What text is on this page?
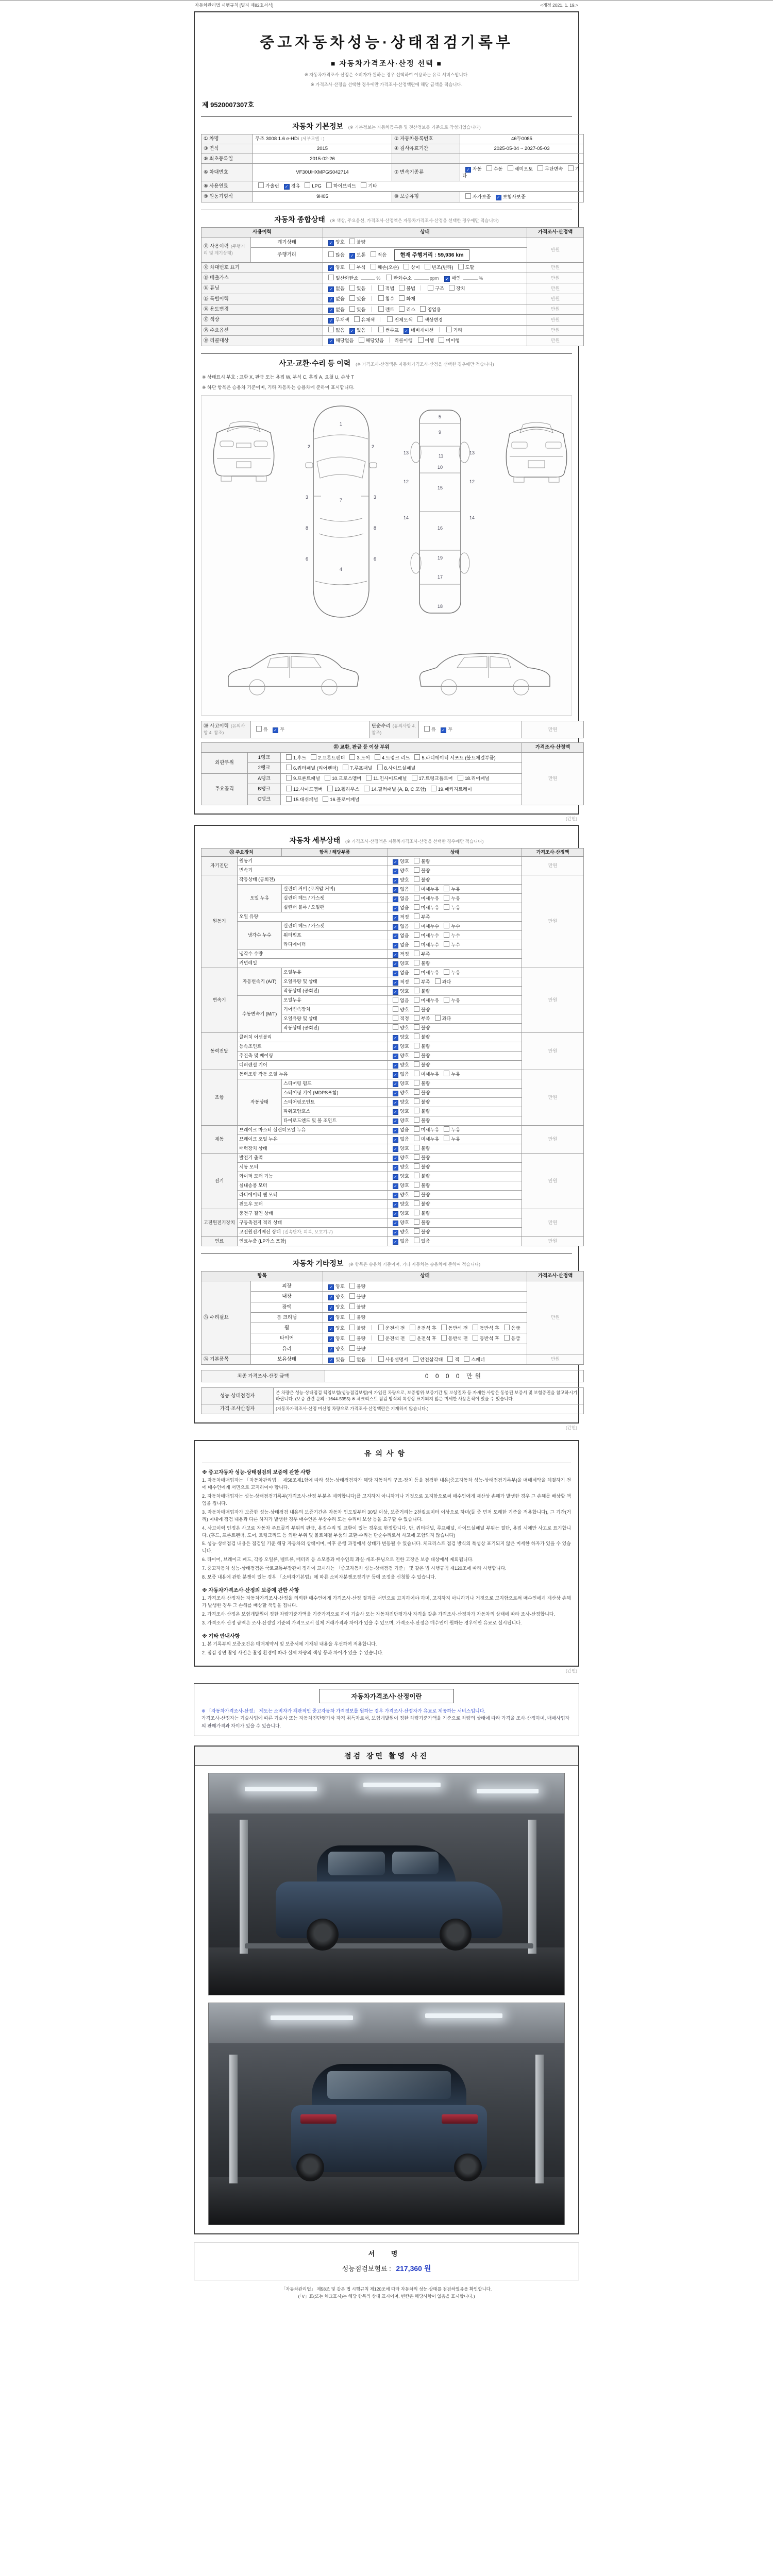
자동차관리법 시행규칙 [별지 제82호서식]	<개정 2021. 1. 19.>
중고자동차성능·상태점검기록부
■ 자동차가격조사·산정 선택 ■
※ 자동차가격조사·산정은 소비자가 원하는 경우 선택하여 이용하는 유료 서비스입니다.
※ 가격조사·산정을 선택한 경우에만 가격조사·산정액란에 해당 금액을 적습니다.
제 9520007307호
자동차 기본정보 (※ 기본정보는 자동차등록증 및 전산정보를 기준으로 작성되었습니다)
① 차명	푸조 3008 1.6 e-HDi (세부모델 : )	② 자동차등록번호	46두0085
③ 연식	2015	④ 검사유효기간	2025-05-04 ~ 2027-05-03
⑤ 최초등록일	2015-02-26		
⑥ 차대번호	VF30UHXMPGS042714	⑦ 변속기종류	✓ 자동 수동 세미오토 무단변속 기타
⑧ 사용연료	가솔린 ✓ 경유 LPG 하이브리드 기타		
⑨ 원동기형식	9H05	⑩ 보증유형	자가보증 ✓ 보험사보증
자동차 종합상태 (※ 색상, 주요옵션, 가격조사·산정액은 자동차가격조사·산정을 선택한 경우에만 적습니다)
사용이력		상태	가격조사·산정액
⑪ 사용이력 (주행거리 및 계기상태)	계기상태	✓ 양호 불량	만원
	주행거리	많음 ✓ 보통 적음 현재 주행거리 : 59,936 km	
⑫ 차대번호 표기		✓ 양호 부식 훼손(오손) 상이 변조(변타) 도말	만원
⑬ 배출가스		일산화탄소 % 탄화수소 ppm ✓ 매연 %	만원
⑭ 튜닝		✓ 없음 있음 적법 불법 구조 장치	만원
⑮ 특별이력		✓ 없음 있음 침수 화재	만원
⑯ 용도변경		✓ 없음 있음 렌트 리스 영업용	만원
⑰ 색상		✓ 무채색 유채색 전체도색 색상변경	만원
⑱ 주요옵션		없음 ✓ 있음 썬루프 ✓ 네비게이션 기타	만원
⑲ 리콜대상		✓ 해당없음 해당있음 리콜이행 이행 미이행	만원
사고·교환·수리 등 이력 (※ 가격조사·산정액은 자동차가격조사·산정을 선택한 경우에만 적습니다)
※ 상태표시 부호 : 교환 X, 판금 또는 용접 W, 부식 C, 흠집 A, 요철 U, 손상 T
※ 하단 항목은 승용차 기준이며, 기타 자동차는 승용차에 준하여 표시합니다.
1
2	2
3	3
7
8	8
6	6
4
5
9
11
10
12	12
13	13
14	14
15
16
19
17
18
⑳ 사고이력 (유의사항 4. 참조)	유 ✓ 무	단순수리 (유의사항 4. 참조)	유 ✓ 무	만원
㉑ 교환, 판금 등 이상 부위			가격조사·산정액
외판부위	1랭크	1.후드 2.프론트펜더 3.도어 4.트렁크 리드 5.라디에이터 서포트 (볼트체결부품)	만원
	2랭크	6.쿼터패널 (리어펜더) 7.루프패널 8.사이드실패널	
주요골격	A랭크	9.프론트패널 10.크로스멤버 11.인사이드패널 17.트렁크플로어 18.리어패널	
	B랭크	12.사이드멤버 13.휠하우스 14.필러패널 (A, B, C 포함) 19.패키지트레이	
	C랭크	15.대쉬패널 16.플로어패널	
(간인)
자동차 세부상태 (※ 가격조사·산정액은 자동차가격조사·산정을 선택한 경우에만 적습니다)
㉒ 주요장치		항목 / 해당부품	상태	가격조사·산정액
자기진단	원동기		✓ 양호 불량	만원
	변속기		✓ 양호 불량	
원동기	작동상태 (공회전)		✓ 양호 불량	만원
	오일 누유	실린더 커버 (로커암 커버)	✓ 없음 미세누유 누유	
		실린더 헤드 / 가스켓	✓ 없음 미세누유 누유	
		실린더 블록 / 오일팬	✓ 없음 미세누유 누유	
	오일 유량		✓ 적정 부족	
	냉각수 누수	실린더 헤드 / 가스켓	✓ 없음 미세누수 누수	
		워터펌프	✓ 없음 미세누수 누수	
		라디에이터	✓ 없음 미세누수 누수	
	냉각수 수량		✓ 적정 부족	
	커먼레일		✓ 양호 불량	
변속기	자동변속기 (A/T)	오일누유	✓ 없음 미세누유 누유	만원
		오일유량 및 상태	✓ 적정 부족 과다	
		작동상태 (공회전)	✓ 양호 불량	
	수동변속기 (M/T)	오일누유	없음 미세누유 누유	
		기어변속장치	양호 불량	
		오일유량 및 상태	적정 부족 과다	
		작동상태 (공회전)	양호 불량	
동력전달	클러치 어셈블리		✓ 양호 불량	만원
	등속조인트		✓ 양호 불량	
	추진축 및 베어링		✓ 양호 불량	
	디퍼렌셜 기어		✓ 양호 불량	
조향	동력조향 작동 오일 누유		✓ 없음 미세누유 누유	만원
	작동상태	스티어링 펌프	✓ 양호 불량	
		스티어링 기어 (MDPS포함)	✓ 양호 불량	
		스티어링조인트	✓ 양호 불량	
		파워고압호스	✓ 양호 불량	
		타이로드엔드 및 볼 조인트	✓ 양호 불량	
제동	브레이크 마스터 실린더오일 누유		✓ 없음 미세누유 누유	만원
	브레이크 오일 누유		✓ 없음 미세누유 누유	
	배력장치 상태		✓ 양호 불량	
전기	발전기 출력		✓ 양호 불량	만원
	시동 모터		✓ 양호 불량	
	와이퍼 모터 기능		✓ 양호 불량	
	실내송풍 모터		✓ 양호 불량	
	라디에이터 팬 모터		✓ 양호 불량	
	윈도우 모터		✓ 양호 불량	
고전원전기장치	충전구 절연 상태		✓ 양호 불량	만원
	구동축전지 격리 상태		✓ 양호 불량	
	고전원전기배선 상태 (접속단자, 피복, 보호기구)		✓ 양호 불량	
연료	연료누출 (LP가스 포함)		✓ 없음 있음	만원
자동차 기타정보 (※ 항목은 승용차 기준이며, 기타 자동차는 승용차에 준하여 적습니다)
항목		상태	가격조사·산정액
㉓ 수리필요	외장	✓ 양호 불량	만원
	내장	✓ 양호 불량	
	광택	✓ 양호 불량	
	룸 크리닝	✓ 양호 불량	
	휠	✓ 양호 불량 운전석 전 운전석 후 동반석 전 동반석 후 응급	
	타이어	✓ 양호 불량 운전석 전 운전석 후 동반석 전 동반석 후 응급	
	유리	✓ 양호 불량	
㉔ 기본품목	보유상태	✓ 있음 없음 사용설명서 안전삼각대 잭 스패너	만원
최종 가격조사·산정 금액	0 0 0 0 만원
성능·상태점검자	본 차량은 성능·상태점검 책임보험(성능점검보험)에 가입된 차량으로, 보증범위·보증기간 및 보상절차 등 자세한 사항은 동봉된 보증서 및 보험증권을 참고하시기 바랍니다. (보증 관련 문의 : 1644-5955) ※ 체크리스트 점검 방식의 특성상 표기되지 않은 미세한 사용흔적이 있을 수 있습니다.
가격·조사산정자	(자동차가격조사·산정 미신청 차량으로 가격조사·산정액란은 기재하지 않습니다.)
(간인)
유의사항
※ 중고자동차 성능·상태점검의 보증에 관한 사항
1. 자동차매매업자는 「자동차관리법」 제58조제1항에 따라 성능·상태점검자가 해당 자동차의 구조·장치 등을 점검한 내용(중고자동차 성능·상태점검기록부)을 매매계약을 체결하기 전에 매수인에게 서면으로 고지하여야 합니다.
2. 자동차매매업자는 성능·상태점검기록부(가격조사·산정 부분은 제외합니다)를 고지하지 아니하거나 거짓으로 고지함으로써 매수인에게 재산상 손해가 발생한 경우 그 손해를 배상할 책임을 집니다.
3. 자동차매매업자가 보증한 성능·상태점검 내용의 보증기간은 자동차 인도일부터 30일 이상, 보증거리는 2천킬로미터 이상으로 하며(둘 중 먼저 도래한 기준을 적용합니다), 그 기간(거리) 이내에 점검 내용과 다른 하자가 발생한 경우 매수인은 무상수리 또는 수리비 보상 등을 요구할 수 있습니다.
4. 사고이력 인정은 사고로 자동차 주요골격 부위의 판금, 용접수리 및 교환이 있는 경우로 한정합니다. 단, 쿼터패널, 루프패널, 사이드실패널 부위는 절단, 용접 시에만 사고로 표기합니다. (후드, 프론트펜더, 도어, 트렁크리드 등 외판 부위 및 볼트체결 부품의 교환·수리는 단순수리로서 사고에 포함되지 않습니다)
5. 성능·상태점검 내용은 점검일 기준 해당 자동차의 상태이며, 이후 운행 과정에서 상태가 변동될 수 있습니다. 체크리스트 점검 방식의 특성상 표기되지 않은 미세한 하자가 있을 수 있습니다.
6. 타이어, 브레이크 패드, 각종 오일류, 벨트류, 배터리 등 소모품과 매수인의 과실·개조·튜닝으로 인한 고장은 보증 대상에서 제외됩니다.
7. 중고자동차 성능·상태점검은 국토교통부장관이 정하여 고시하는 「중고자동차 성능·상태점검 기준」 및 같은 법 시행규칙 제120조에 따라 시행합니다.
8. 보증 내용에 관한 분쟁이 있는 경우 「소비자기본법」에 따른 소비자분쟁조정기구 등에 조정을 신청할 수 있습니다.
※ 자동차가격조사·산정의 보증에 관한 사항
1. 가격조사·산정자는 자동차가격조사·산정을 의뢰한 매수인에게 가격조사·산정 결과를 서면으로 고지하여야 하며, 고지하지 아니하거나 거짓으로 고지함으로써 매수인에게 재산상 손해가 발생한 경우 그 손해를 배상할 책임을 집니다.
2. 가격조사·산정은 보험개발원이 정한 차량기준가액을 기준가격으로 하여 기술사 또는 자동차진단평가사 자격을 갖춘 가격조사·산정자가 자동차의 상태에 따라 조사·산정합니다.
3. 가격조사·산정 금액은 조사·산정일 기준의 가격으로서 실제 거래가격과 차이가 있을 수 있으며, 가격조사·산정은 매수인이 원하는 경우에만 유료로 실시됩니다.
※ 기타 안내사항
1. 본 기록부의 보증조건은 매매계약서 및 보증서에 기재된 내용을 우선하여 적용합니다.
2. 점검 장면 촬영 사진은 촬영 환경에 따라 실제 차량의 색상 등과 차이가 있을 수 있습니다.
(간인)
자동차가격조사·산정이란
※ 「자동차가격조사·산정」 제도는 소비자가 객관적인 중고자동차 가격정보를 원하는 경우 가격조사·산정자가 유료로 제공하는 서비스입니다.
가격조사·산정자는 기술사법에 따른 기술사 또는 자동차진단평가사 자격 취득자로서, 보험개발원이 정한 차량기준가액을 기준으로 차량의 상태에 따라 가격을 조사·산정하며, 매매사업자의 판매가격과 차이가 있을 수 있습니다.
점검 장면 촬영 사진
서 명
성능점검보험료 : 217,360 원
「자동차관리법」 제58조 및 같은 법 시행규칙 제120조에 따라 자동차의 성능·상태를 점검하였음을 확인합니다.
(「V」표(또는 체크표시)는 해당 항목의 상태 표시이며, 빈칸은 해당사항이 없음을 표시합니다.)
